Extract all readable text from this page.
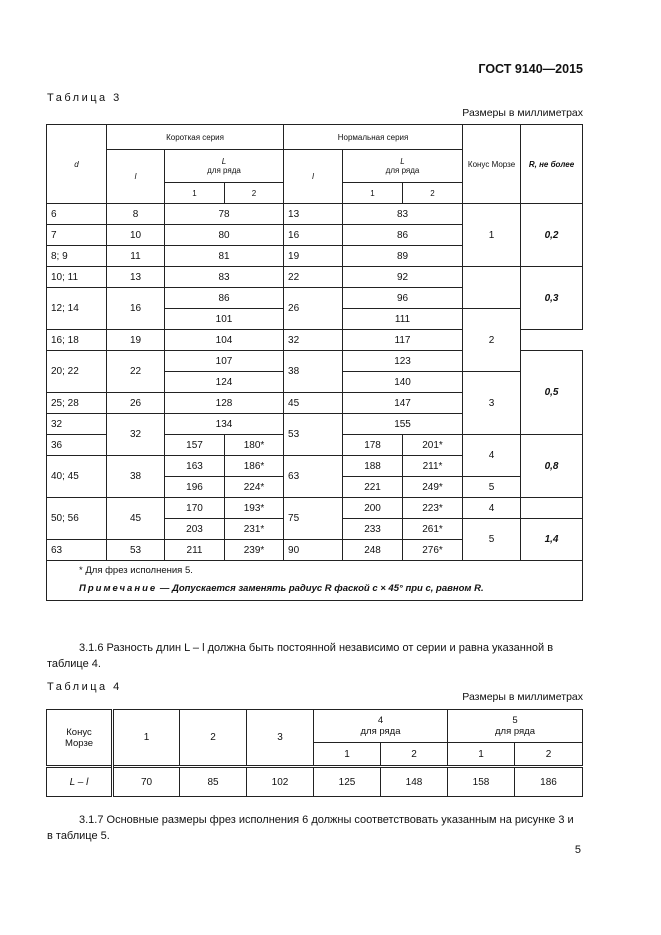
ГОСТ 9140—2015
Таблица 3
Размеры в миллиметрах
d	Короткая серия			Нормальная серия			Конус Морзе	R, не более
	l	L
для ряда		l	L
для ряда			
		1	2		1	2		
6	8	78		13	83		1	0,2
7	10	80		16	86			
8; 9	11	81		19	89			
10; 11	13	83		22	92			0,3
12; 14	16	86		26	96			
		101			111		2	
16; 18	19	104		32	117			
20; 22	22	107		38	123			0,5
		124			140		3	
25; 28	26	128		45	147			
32	32	134		53	155			
36		157	180*		178	201*	4	0,8
40; 45	38	163	186*	63	188	211*		
		196	224*		221	249*	5	
50; 56	45	170	193*	75	200	223*	4	
		203	231*		233	261*	5	1,4
63	53	211	239*	90	248	276*		
* Для фрез исполнения 5.								
Примечание — Допускается заменять радиус R фаской c × 45° при c, равном R.								
3.1.6 Разность длин L – l должна быть постоянной независимо от серии и равна указанной в таблице 4.
Таблица 4
Размеры в миллиметрах
Конус Морзе	1	2	3	4
для ряда		5
для ряда	
				1	2	1	2
L – l	70	85	102	125	148	158	186
3.1.7 Основные размеры фрез исполнения 6 должны соответствовать указанным на рисунке 3 и в таблице 5.
5
